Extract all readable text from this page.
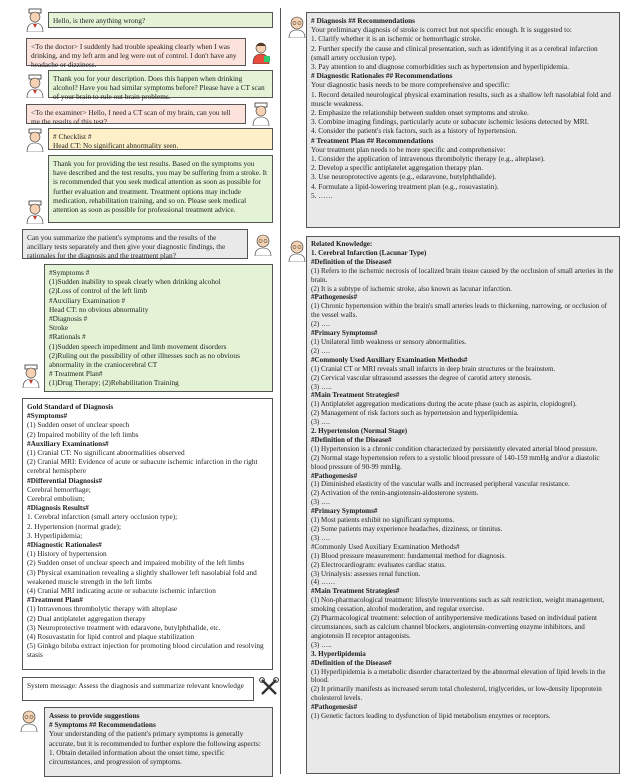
Hello, is there anything wrong?
<To the doctor> I suddenly had trouble speaking clearly when I was drinking, and my left arm and leg were out of control. I don't have any headache or dizziness.
Thank you for your description. Does this happen when drinking alcohol? Have you had similar symptoms before? Please have a CT scan of your brain to rule out brain problems.
<To the examiner> Hello, I need a CT scan of my brain, can you tell me the results of this test?
# Checklist #
Head CT: No significant abnormality seen.
Thank you for providing the test results. Based on the symptoms you have described and the test results, you may be suffering from a stroke. It is recommended that you seek medical attention as soon as possible for further evaluation and treatment. Treatment options may include medication, rehabilitation training, and so on. Please seek medical attention as soon as possible for professional treatment advice.
Can you summarize the patient's symptoms and the results of the ancillary tests separately and then give your diagnostic findings, the rationales for the diagnosis and the treatment plan?
#Symptoms #
(1)Sudden inability to speak clearly when drinking alcohol
(2)Loss of control of the left limb
#Auxiliary Examination #
Head CT: no obvious abnormality
#Diagnosis #
Stroke
#Rationals #
(1)Sudden speech impediment and limb movement disorders
(2)Ruling out the possibility of other illnesses such as no obvious abnormality in the craniocerebral CT
# Treatment Plan#
(1)Drug Therapy; (2)Rehabilitation Training
Gold Standard of Diagnosis
#Symptoms#
(1) Sudden onset of unclear speech
(2) Impaired mobility of the left limbs
#Auxiliary Examinations#
(1) Cranial CT: No significant abnormalities observed
(2) Cranial MRI: Evidence of acute or subacute ischemic infarction in the right cerebral hemisphere
#Differential Diagnosis#
Cerebral hemorrhage;
Cerebral embolism;
#Diagnosis Results#
1. Cerebral infarction (small artery occlusion type);
2. Hypertension (normal grade);
3. Hyperlipidemia;
#Diagnostic Rationales#
(1) History of hypertension
(2) Sudden onset of unclear speech and impaired mobility of the left limbs
(3) Physical examination revealing a slightly shallower left nasolabial fold and weakened muscle strength in the left limbs
(4) Cranial MRI indicating acute or subacute ischemic infarction
#Treatment Plan#
(1) Intravenous thrombolytic therapy with alteplase
(2) Dual antiplatelet aggregation therapy
(3) Neuroprotective treatment with edaravone, butylphthalide, etc.
(4) Rosuvastatin for lipid control and plaque stabilization
(5) Ginkgo biloba extract injection for promoting blood circulation and resolving stasis
System message: Assess the diagnosis and summarize relevant knowledge
Assess to provide suggestions
# Symptoms ## Recommendations
Your understanding of the patient's primary symptoms is generally accurate, but it is recommended to further explore the following aspects:
1. Obtain detailed information about the onset time, specific circumstances, and progression of symptoms.
# Diagnosis ## Recommendations
Your preliminary diagnosis of stroke is correct but not specific enough. It is suggested to:
1. Clarify whether it is an ischemic or hemorrhagic stroke.
2. Further specify the cause and clinical presentation, such as identifying it as a cerebral infarction (small artery occlusion type).
3. Pay attention to and diagnose comorbidities such as hypertension and hyperlipidemia.
# Diagnostic Rationales ## Recommendations
Your diagnostic basis needs to be more comprehensive and specific:
1. Record detailed neurological physical examination results, such as a shallow left nasolabial fold and muscle weakness.
2. Emphasize the relationship between sudden onset symptoms and stroke.
3. Combine imaging findings, particularly acute or subacute ischemic lesions detected by MRI.
4. Consider the patient's risk factors, such as a history of hypertension.
# Treatment Plan ## Recommendations
Your treatment plan needs to be more specific and comprehensive:
1. Consider the application of intravenous thrombolytic therapy (e.g., alteplase).
2. Develop a specific antiplatelet aggregation therapy plan.
3. Use neuroprotective agents (e.g., edaravone, butylphthalide).
4. Formulate a lipid-lowering treatment plan (e.g., rosuvastatin).
5. ……
Related Knowledge:
1. Cerebral Infarction (Lacunar Type)
#Definition of the Disease#
(1) Refers to the ischemic necrosis of localized brain tissue caused by the occlusion of small arteries in the brain.
(2) It is a subtype of ischemic stroke, also known as lacunar infarction.
#Pathogenesis#
(1) Chronic hypertension within the brain's small arteries leads to thickening, narrowing, or occlusion of the vessel walls.
(2) ….
#Primary Symptoms#
(1) Unilateral limb weakness or sensory abnormalities.
(2) ….
#Commonly Used Auxiliary Examination Methods#
(1) Cranial CT or MRI reveals small infarcts in deep brain structures or the brainstem.
(2) Cervical vascular ultrasound assesses the degree of carotid artery stenosis.
(3) …..
#Main Treatment Strategies#
(1) Antiplatelet aggregation medications during the acute phase (such as aspirin, clopidogrel).
(2) Management of risk factors such as hypertension and hyperlipidemia.
(3) ….
2. Hypertension (Normal Stage)
#Definition of the Disease#
(1) Hypertension is a chronic condition characterized by persistently elevated arterial blood pressure.
(2) Normal stage hypertension refers to a systolic blood pressure of 140-159 mmHg and/or a diastolic blood pressure of 90-99 mmHg.
#Pathogenesis#
(1) Diminished elasticity of the vascular walls and increased peripheral vascular resistance.
(2) Activation of the renin-angiotensin-aldosterone system.
(3) ….
#Primary Symptoms#
(1) Most patients exhibit no significant symptoms.
(2) Some patients may experience headaches, dizziness, or tinnitus.
(3) ….
#Commonly Used Auxiliary Examination Methods#
(1) Blood pressure measurement: fundamental method for diagnosis.
(2) Electrocardiogram: evaluates cardiac status.
(3) Urinalysis: assesses renal function.
(4) ……
#Main Treatment Strategies#
(1) Non-pharmacological treatment: lifestyle interventions such as salt restriction, weight management, smoking cessation, alcohol moderation, and regular exercise.
(2) Pharmacological treatment: selection of antihypertensive medications based on individual patient circumstances, such as calcium channel blockers, angiotensin-converting enzyme inhibitors, and angiotensin II receptor antagonists.
(3) …..
3. Hyperlipidemia
#Definition of the Disease#
(1) Hyperlipidemia is a metabolic disorder characterized by the abnormal elevation of lipid levels in the blood.
(2) It primarily manifests as increased serum total cholesterol, triglycerides, or low-density lipoprotein cholesterol levels.
#Pathogenesis#
(1) Genetic factors leading to dysfunction of lipid metabolism enzymes or receptors.
